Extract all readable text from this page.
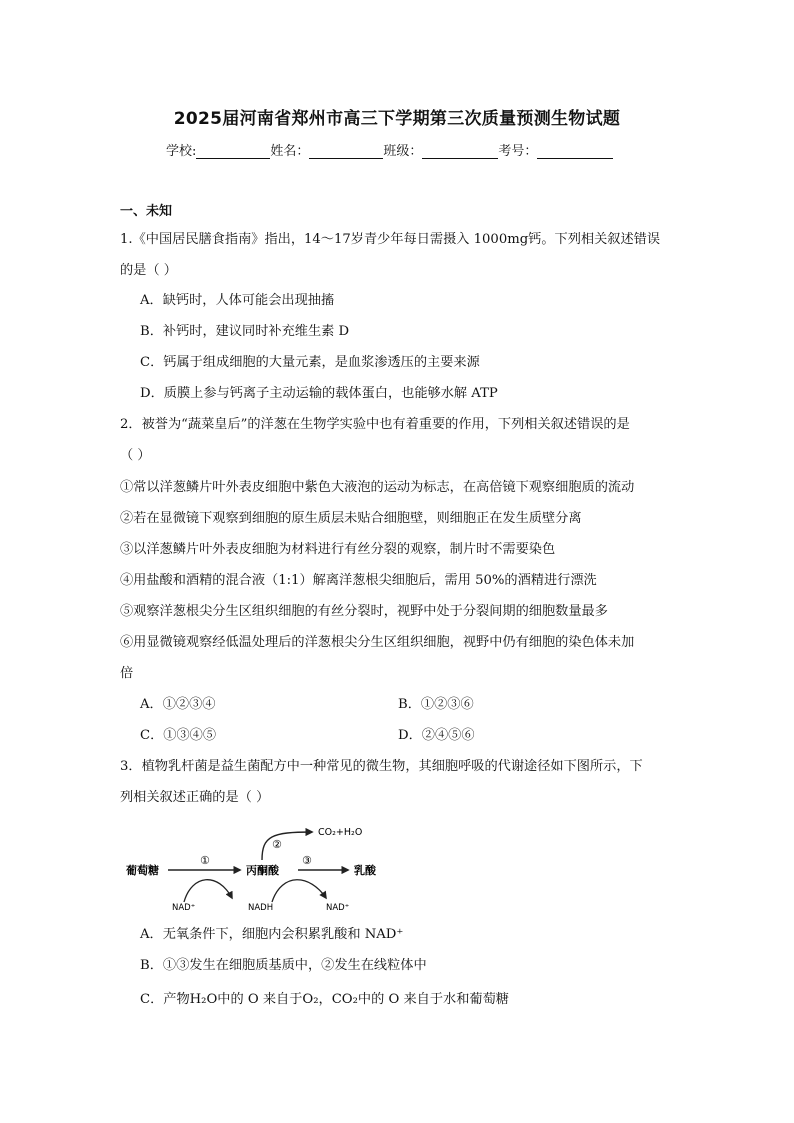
2025届河南省郑州市高三下学期第三次质量预测生物试题
学校:	姓名：	班级：	考号：
一、未知
1.《中国居民膳食指南》指出，14～17岁青少年每日需摄入 1000mg钙。下列相关叙述错误
的是（ ）
A．缺钙时，人体可能会出现抽搐
B．补钙时，建议同时补充维生素 D
C．钙属于组成细胞的大量元素，是血浆渗透压的主要来源
D．质膜上参与钙离子主动运输的载体蛋白，也能够水解 ATP
2．被誉为“蔬菜皇后”的洋葱在生物学实验中也有着重要的作用，下列相关叙述错误的是
（ ）
①常以洋葱鳞片叶外表皮细胞中紫色大液泡的运动为标志，在高倍镜下观察细胞质的流动
②若在显微镜下观察到细胞的原生质层未贴合细胞壁，则细胞正在发生质壁分离
③以洋葱鳞片叶外表皮细胞为材料进行有丝分裂的观察，制片时不需要染色
④用盐酸和酒精的混合液（1:1）解离洋葱根尖细胞后，需用 50%的酒精进行漂洗
⑤观察洋葱根尖分生区组织细胞的有丝分裂时，视野中处于分裂间期的细胞数量最多
⑥用显微镜观察经低温处理后的洋葱根尖分生区组织细胞，视野中仍有细胞的染色体未加
倍
A．①②③④	B．①②③⑥
C．①③④⑤	D．②④⑤⑥
3．植物乳杆菌是益生菌配方中一种常见的微生物，其细胞呼吸的代谢途径如下图所示，下
列相关叙述正确的是（ ）
葡萄糖	丙酮酸	乳酸
CO₂+H₂O
NAD⁺	NADH	NAD⁺
①
②
③
A．无氧条件下，细胞内会积累乳酸和 NAD⁺
B．①③发生在细胞质基质中，②发生在线粒体中
C．产物H₂O中的 O 来自于O₂，CO₂中的 O 来自于水和葡萄糖
